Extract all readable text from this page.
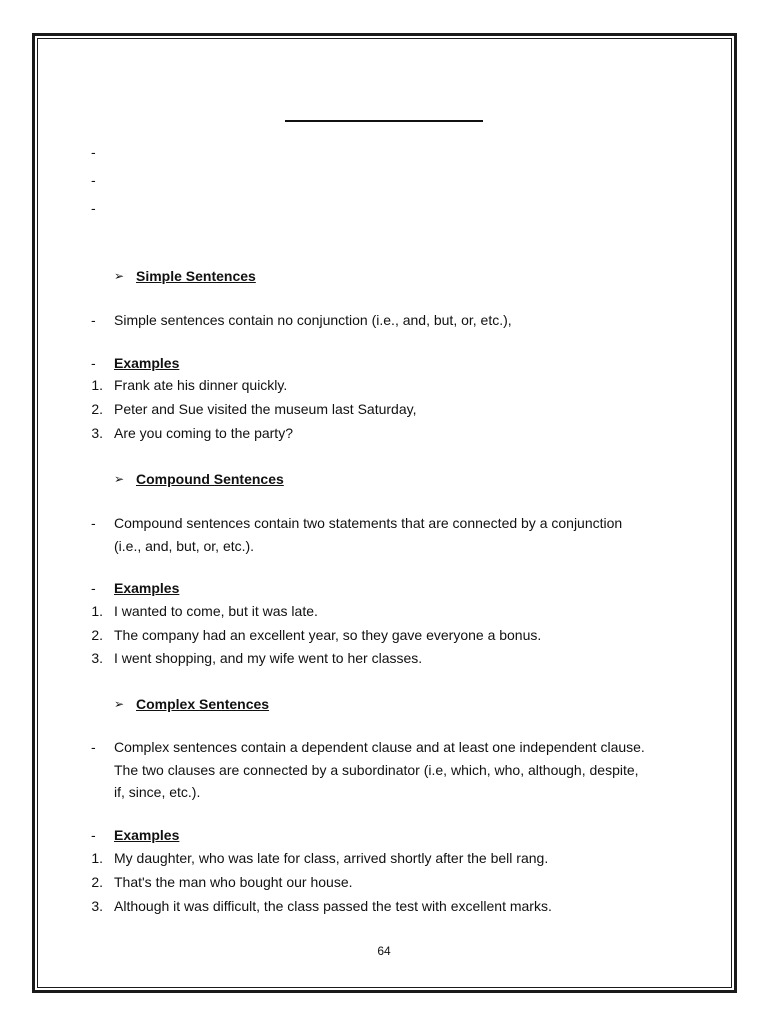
-
-
-
➢ Simple Sentences
- Simple sentences contain no conjunction (i.e., and, but, or, etc.),

- Examples

1. Frank ate his dinner quickly.

2. Peter and Sue visited the museum last Saturday,

3. Are you coming to the party?

➢ Compound Sentences
- Compound sentences contain two statements that are connected by a conjunction

(i.e., and, but, or, etc.).

- Examples

1. I wanted to come, but it was late.

2. The company had an excellent year, so they gave everyone a bonus.

3. I went shopping, and my wife went to her classes.

➢ Complex Sentences
- Complex sentences contain a dependent clause and at least one independent clause.

The two clauses are connected by a subordinator (i.e, which, who, although, despite,

if, since, etc.).

- Examples

1. My daughter, who was late for class, arrived shortly after the bell rang.

2. That's the man who bought our house.

3. Although it was difficult, the class passed the test with excellent marks.

64
